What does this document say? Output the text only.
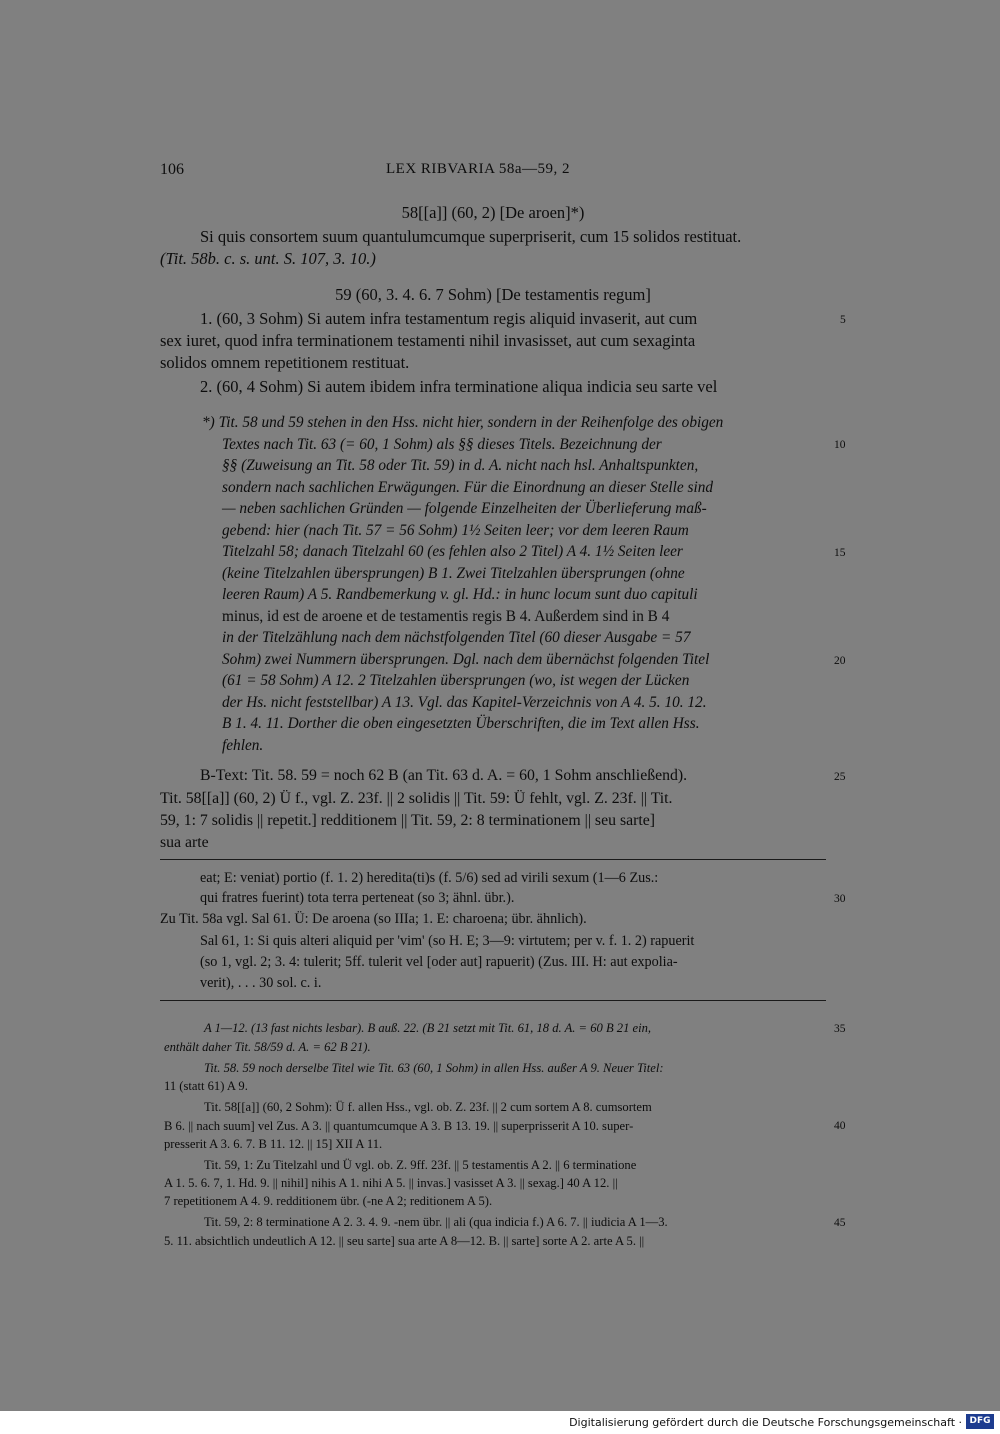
106	LEX RIBVARIA 58a—59, 2
58[[a]] (60, 2) [De aroen]*)
Si quis consortem suum quantulumcumque superpriserit, cum 15 solidos restituat.
(Tit. 58b. c. s. unt. S. 107, 3. 10.)
59 (60, 3. 4. 6. 7 Sohm) [De testamentis regum]
1. (60, 3 Sohm) Si autem infra testamentum regis aliquid invaserit, aut cum
sex iuret, quod infra terminationem testamenti nihil invasisset, aut cum sexaginta
solidos omnem repetitionem restituat.
2. (60, 4 Sohm) Si autem ibidem infra terminatione aliqua indicia seu sarte vel
*) Tit. 58 und 59 stehen in den Hss. nicht hier, sondern in der Reihenfolge des obigen
Textes nach Tit. 63 (= 60, 1 Sohm) als §§ dieses Titels. Bezeichnung der
§§ (Zuweisung an Tit. 58 oder Tit. 59) in d. A. nicht nach hsl. Anhaltspunkten,
sondern nach sachlichen Erwägungen. Für die Einordnung an dieser Stelle sind
— neben sachlichen Gründen — folgende Einzelheiten der Überlieferung maß-
gebend: hier (nach Tit. 57 = 56 Sohm) 1½ Seiten leer; vor dem leeren Raum
Titelzahl 58; danach Titelzahl 60 (es fehlen also 2 Titel) A 4. 1½ Seiten leer
(keine Titelzahlen übersprungen) B 1. Zwei Titelzahlen übersprungen (ohne
leeren Raum) A 5. Randbemerkung v. gl. Hd.: in hunc locum sunt duo capituli
minus, id est de aroene et de testamentis regis B 4. Außerdem sind in B 4
in der Titelzählung nach dem nächstfolgenden Titel (60 dieser Ausgabe = 57
Sohm) zwei Nummern übersprungen. Dgl. nach dem übernächst folgenden Titel
(61 = 58 Sohm) A 12. 2 Titelzahlen übersprungen (wo, ist wegen der Lücken
der Hs. nicht feststellbar) A 13. Vgl. das Kapitel-Verzeichnis von A 4. 5. 10. 12.
B 1. 4. 11. Dorther die oben eingesetzten Überschriften, die im Text allen Hss.
fehlen.
B-Text: Tit. 58. 59 = noch 62 B (an Tit. 63 d. A. = 60, 1 Sohm anschließend).
Tit. 58[[a]] (60, 2) Ü f., vgl. Z. 23f. || 2 solidis || Tit. 59: Ü fehlt, vgl. Z. 23f. || Tit.
59, 1: 7 solidis || repetit.] redditionem || Tit. 59, 2: 8 terminationem || seu sarte]
sua arte
eat; E: veniat) portio (f. 1. 2) heredita(ti)s (f. 5/6) sed ad virili sexum (1—6 Zus.:
qui fratres fuerint) tota terra perteneat (so 3; ähnl. übr.).
Zu Tit. 58a vgl. Sal 61. Ü: De aroena (so IIIa; 1. E: charoena; übr. ähnlich).
Sal 61, 1: Si quis alteri aliquid per 'vim' (so H. E; 3—9: virtutem; per v. f. 1. 2) rapuerit
(so 1, vgl. 2; 3. 4: tulerit; 5ff. tulerit vel [oder aut] rapuerit) (Zus. III. H: aut expolia-
verit), . . . 30 sol. c. i.
A 1—12. (13 fast nichts lesbar). B auß. 22. (B 21 setzt mit Tit. 61, 18 d. A. = 60 B 21 ein,
enthält daher Tit. 58/59 d. A. = 62 B 21).
Tit. 58. 59 noch derselbe Titel wie Tit. 63 (60, 1 Sohm) in allen Hss. außer A 9. Neuer Titel:
11 (statt 61) A 9.
Tit. 58[[a]] (60, 2 Sohm): Ü f. allen Hss., vgl. ob. Z. 23f. || 2 cum sortem A 8. cumsortem
B 6. || nach suum] vel Zus. A 3. || quantumcumque A 3. B 13. 19. || superprisserit A 10. super-
presserit A 3. 6. 7. B 11. 12. || 15] XII A 11.
Tit. 59, 1: Zu Titelzahl und Ü vgl. ob. Z. 9ff. 23f. || 5 testamentis A 2. || 6 terminatione
A 1. 5. 6. 7, 1. Hd. 9. || nihil] nihis A 1. nihi A 5. || invas.] vasisset A 3. || sexag.] 40 A 12. ||
7 repetitionem A 4. 9. redditionem übr. (-ne A 2; reditionem A 5).
Tit. 59, 2: 8 terminatione A 2. 3. 4. 9. -nem übr. || ali (qua indicia f.) A 6. 7. || iudicia A 1—3.
5. 11. absichtlich undeutlich A 12. || seu sarte] sua arte A 8—12. B. || sarte] sorte A 2. arte A 5. ||
5
10
15
20
25
30
35
40
45
Digitalisierung gefördert durch die Deutsche Forschungsgemeinschaft · DFG
